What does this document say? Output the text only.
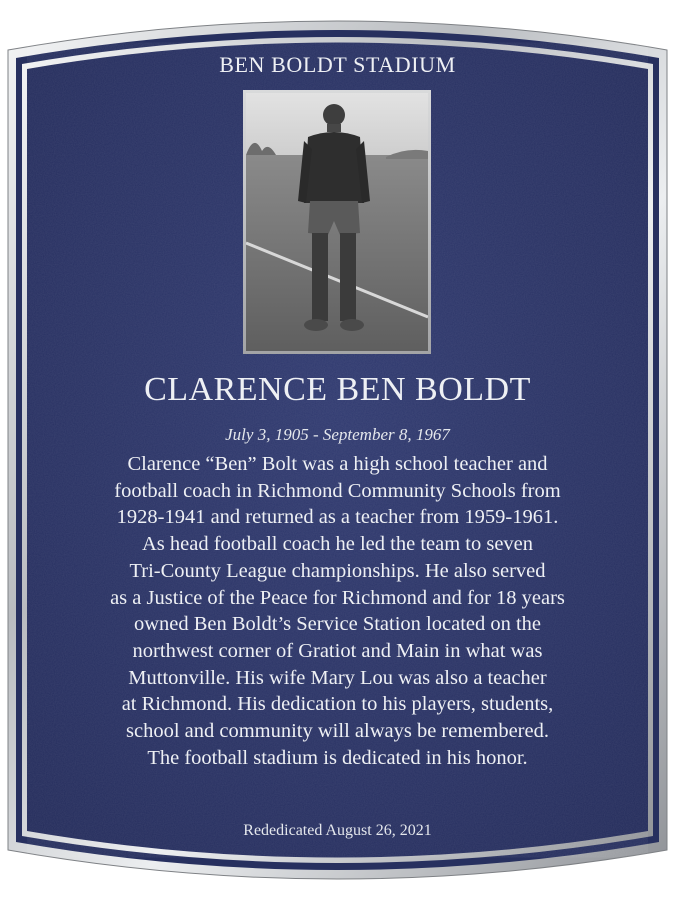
BEN BOLDT STADIUM
CLARENCE BEN BOLDT
July 3, 1905 - September 8, 1967
Clarence “Ben” Bolt was a high school teacher and
football coach in Richmond Community Schools from
1928-1941 and returned as a teacher from 1959-1961.
As head football coach he led the team to seven
Tri-County League championships. He also served
as a Justice of the Peace for Richmond and for 18 years
owned Ben Boldt’s Service Station located on the
northwest corner of Gratiot and Main in what was
Muttonville. His wife Mary Lou was also a teacher
at Richmond. His dedication to his players, students,
school and community will always be remembered.
The football stadium is dedicated in his honor.
Rededicated August 26, 2021
